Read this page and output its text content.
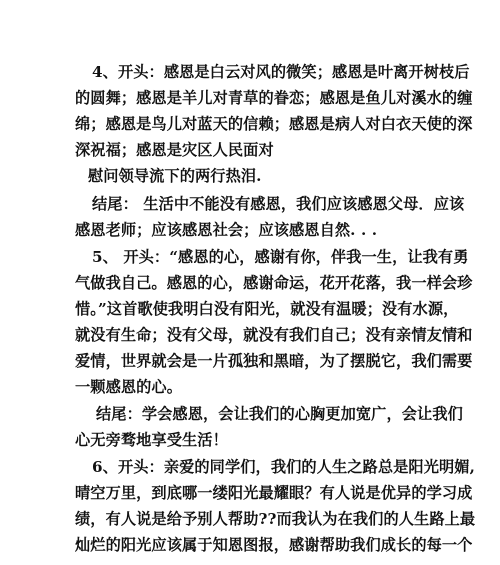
4、开头：感恩是白云对风的微笑；感恩是叶离开树枝后
的圆舞；感恩是羊儿对青草的眷恋；感恩是鱼儿对溪水的缠
绵；感恩是鸟儿对蓝天的信赖；感恩是病人对白衣天使的深
深祝福；感恩是灾区人民面对
慰问领导流下的两行热泪.
结尾： 生活中不能没有感恩，我们应该感恩父母．应该
感恩老师；应该感恩社会；应该感恩自然. . .
5、 开头：“感恩的心，感谢有你，伴我一生，让我有勇
气做我自己。感恩的心，感谢命运，花开花落，我一样会珍
惜。”这首歌使我明白没有阳光，就没有温暖；没有水源，
就没有生命；没有父母，就没有我们自己；没有亲情友情和
爱情，世界就会是一片孤独和黑暗，为了摆脱它，我们需要
一颗感恩的心。
结尾：学会感恩，会让我们的心胸更加宽广，会让我们
心无旁骛地享受生活！
6、开头：亲爱的同学们，我们的人生之路总是阳光明媚,
晴空万里，到底哪一缕阳光最耀眼？有人说是优异的学习成
绩，有人说是给予别人帮助??而我认为在我们的人生路上最
灿烂的阳光应该属于知恩图报，感谢帮助我们成长的每一个
